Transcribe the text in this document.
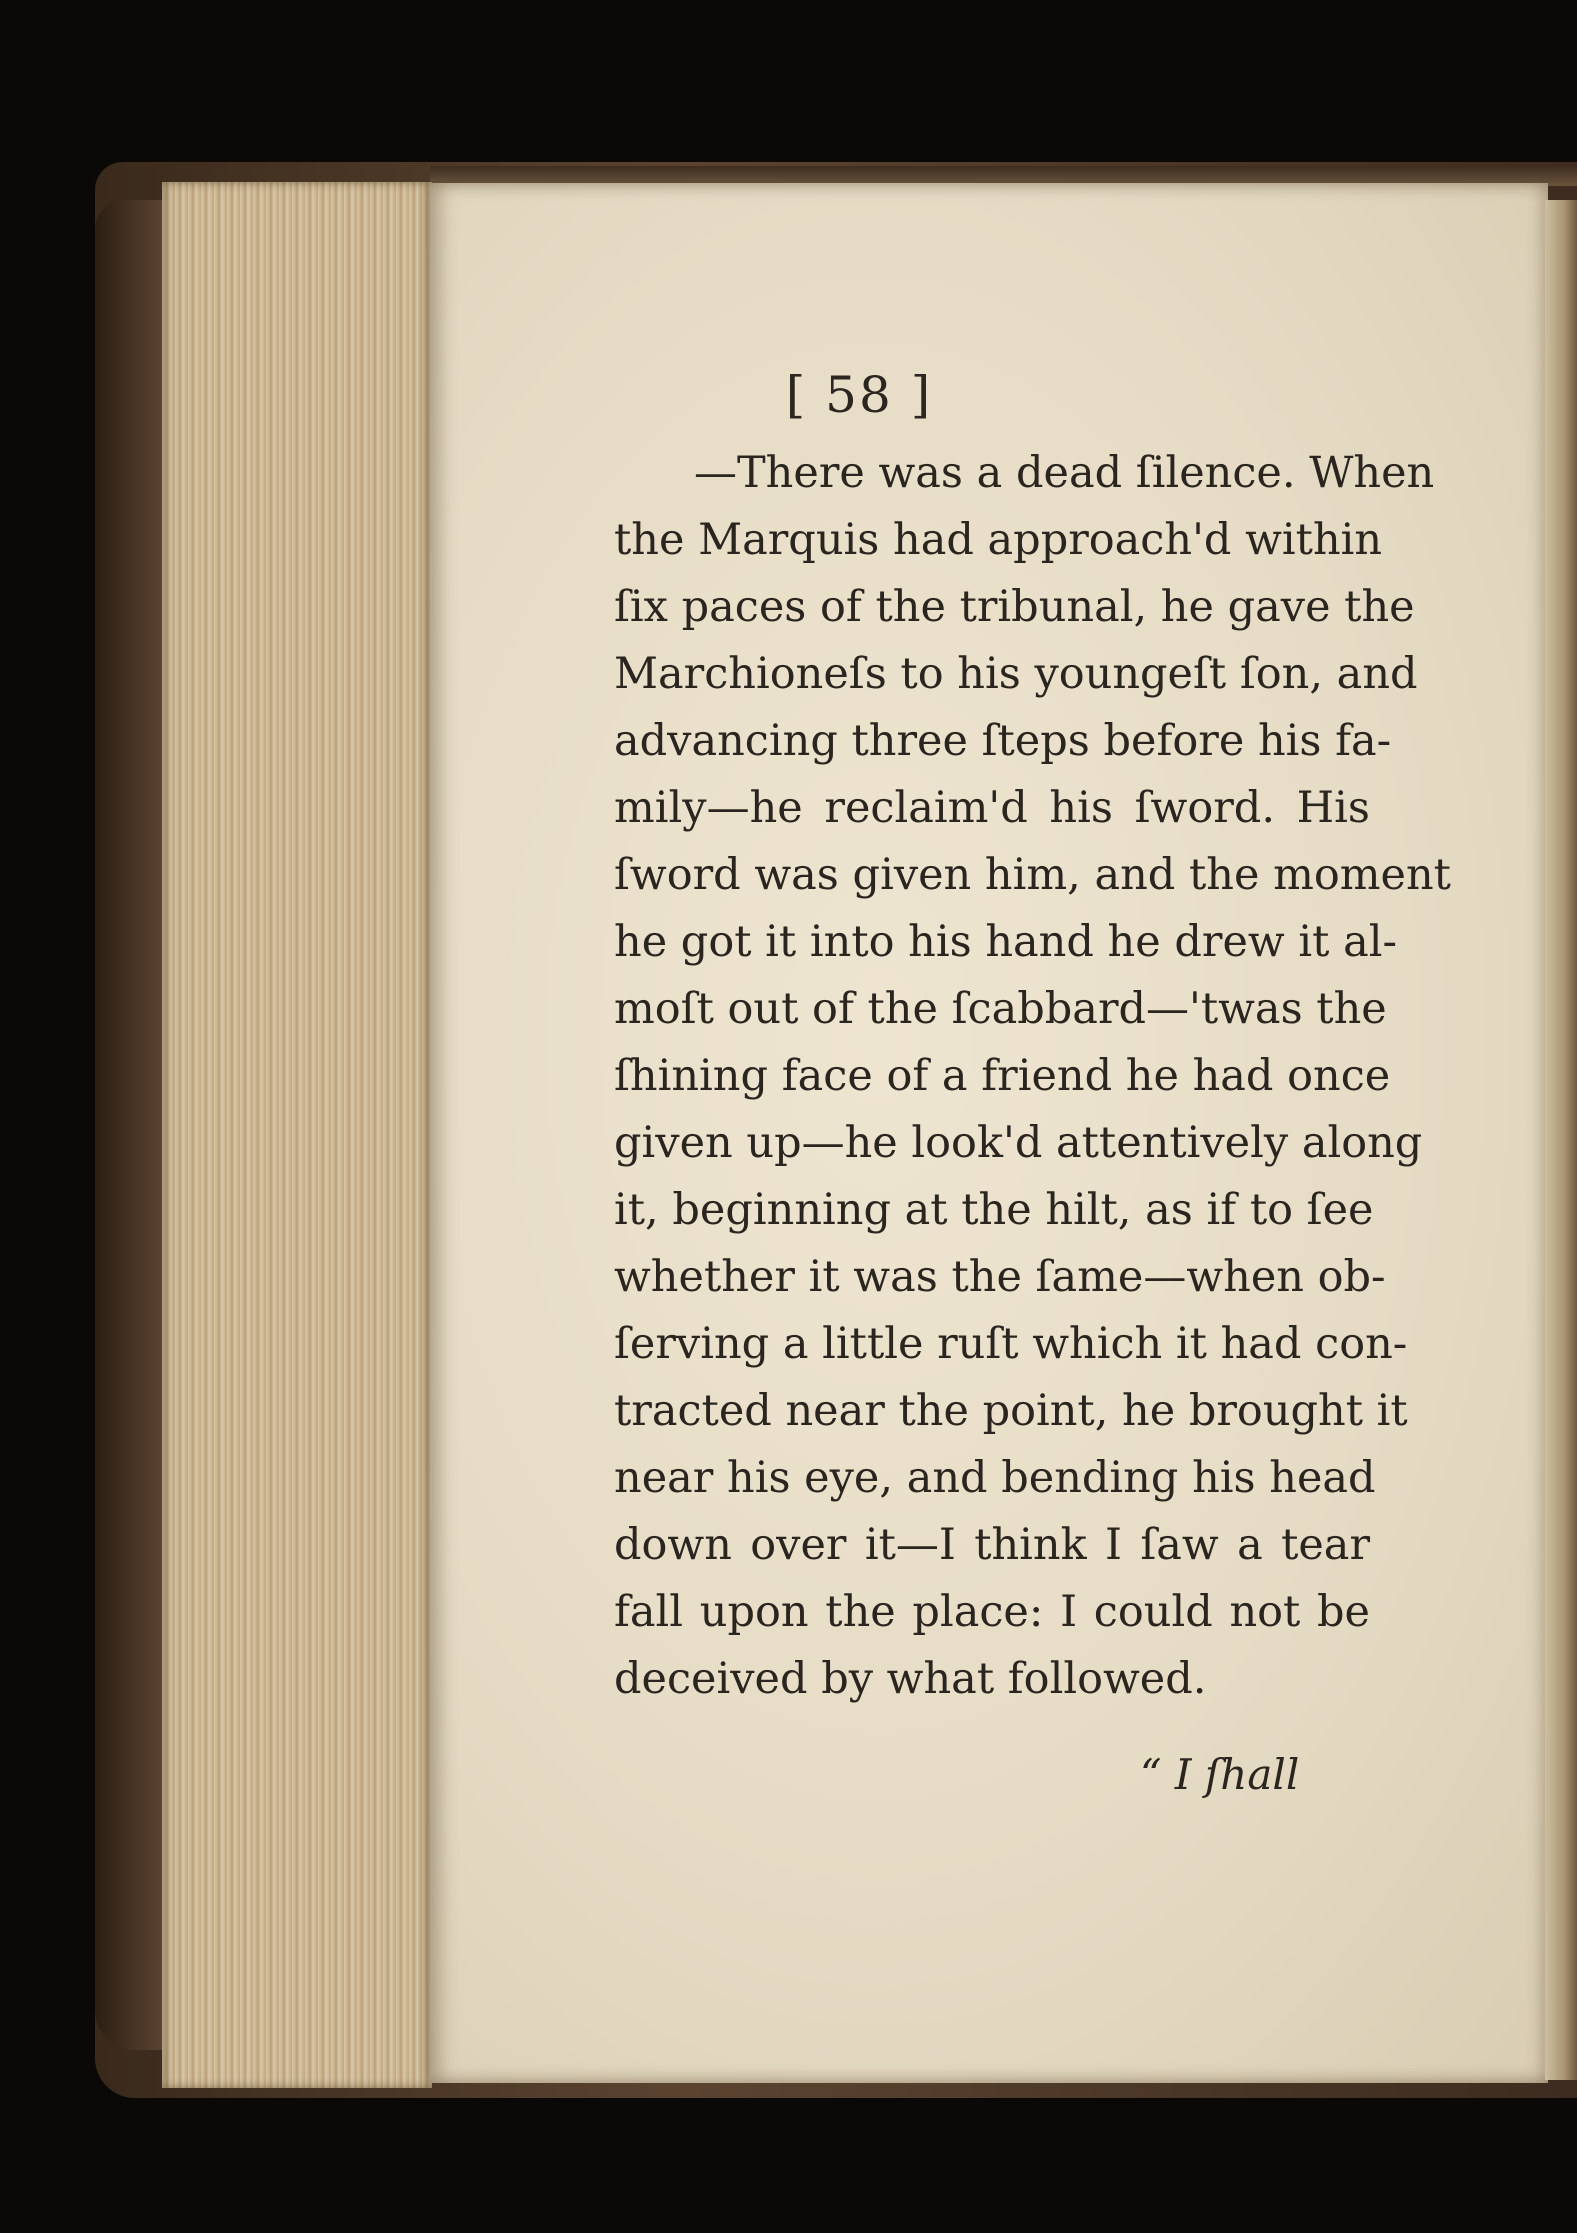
[ 58 ]
—There was a dead ſilence. When
the Marquis had approach'd within
ſix paces of the tribunal, he gave the
Marchioneſs to his youngeſt ſon, and
advancing three ſteps before his fa-
mily—he reclaim'd his ſword. His
ſword was given him, and the moment
he got it into his hand he drew it al-
moſt out of the ſcabbard—'twas the
ſhining face of a friend he had once
given up—he look'd attentively along
it, beginning at the hilt, as if to ſee
whether it was the ſame—when ob-
ſerving a little ruſt which it had con-
tracted near the point, he brought it
near his eye, and bending his head
down over it—I think I ſaw a tear
fall upon the place: I could not be
deceived by what followed.
“ I ſhall
